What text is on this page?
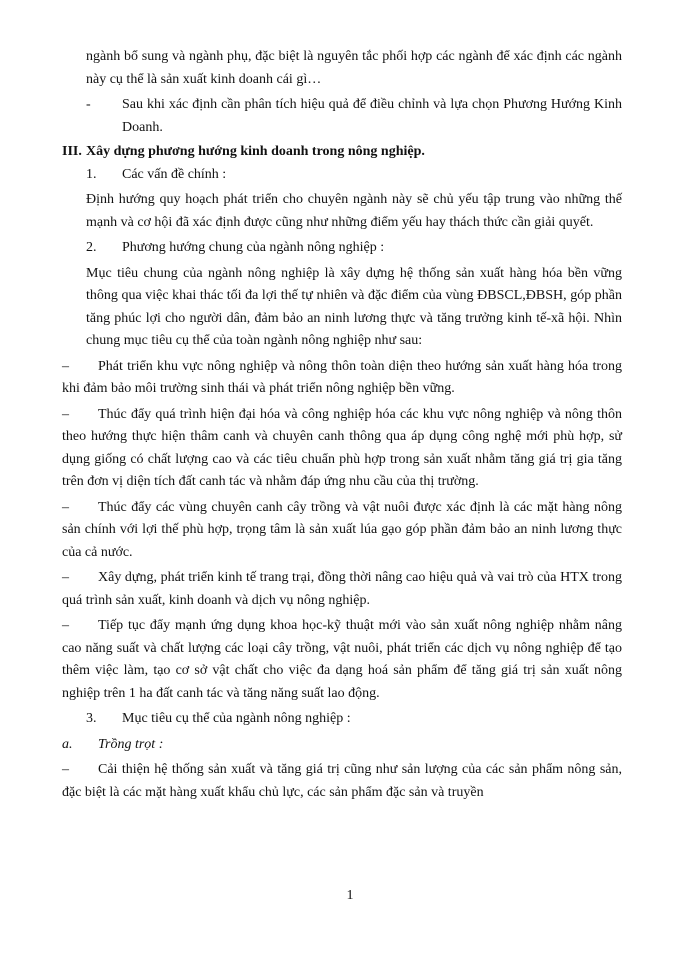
ngành bổ sung và ngành phụ, đặc biệt là nguyên tắc phối hợp các ngành để xác định các ngành này cụ thể là sản xuất kinh doanh cái gì…

- Sau khi xác định cần phân tích hiệu quả để điều chỉnh và lựa chọn Phương Hướng Kinh Doanh.
III. Xây dựng phương hướng kinh doanh trong nông nghiệp.
1. Các vấn đề chính :

Định hướng quy hoạch phát triển cho chuyên ngành này sẽ chủ yếu tập trung vào những thế mạnh và cơ hội đã xác định được cũng như những điểm yếu hay thách thức cần giải quyết.

2. Phương hướng chung của ngành nông nghiệp :

Mục tiêu chung của ngành nông nghiệp là xây dựng hệ thống sản xuất hàng hóa bền vững thông qua việc khai thác tối đa lợi thế tự nhiên và đặc điểm của vùng ĐBSCL,ĐBSH, góp phần tăng phúc lợi cho người dân, đảm bảo an ninh lương thực và tăng trưởng kinh tế-xã hội. Nhìn chung mục tiêu cụ thể của toàn ngành nông nghiệp như sau:

– Phát triển khu vực nông nghiệp và nông thôn toàn diện theo hướng sản xuất hàng hóa trong khi đảm bảo môi trường sinh thái và phát triển nông nghiệp bền vững.
– Thúc đẩy quá trình hiện đại hóa và công nghiệp hóa các khu vực nông nghiệp và nông thôn theo hướng thực hiện thâm canh và chuyên canh thông qua áp dụng công nghệ mới phù hợp, sử dụng giống có chất lượng cao và các tiêu chuẩn phù hợp trong sản xuất nhằm tăng giá trị gia tăng trên đơn vị diện tích đất canh tác và nhằm đáp ứng nhu cầu của thị trường.
– Thúc đẩy các vùng chuyên canh cây trồng và vật nuôi được xác định là các mặt hàng nông sản chính với lợi thế phù hợp, trọng tâm là sản xuất lúa gạo góp phần đảm bảo an ninh lương thực của cả nước.
– Xây dựng, phát triển kinh tế trang trại, đồng thời nâng cao hiệu quả và vai trò của HTX trong quá trình sản xuất, kinh doanh và dịch vụ nông nghiệp.
– Tiếp tục đẩy mạnh ứng dụng khoa học-kỹ thuật mới vào sản xuất nông nghiệp nhằm nâng cao năng suất và chất lượng các loại cây trồng, vật nuôi, phát triển các dịch vụ nông nghiệp để tạo thêm việc làm, tạo cơ sở vật chất cho việc đa dạng hoá sản phẩm để tăng giá trị sản xuất nông nghiệp trên 1 ha đất canh tác và tăng năng suất lao động.
3. Mục tiêu cụ thể của ngành nông nghiệp :
a. Trồng trọt :
– Cải thiện hệ thống sản xuất và tăng giá trị cũng như sản lượng của các sản phẩm nông sản, đặc biệt là các mặt hàng xuất khẩu chủ lực, các sản phẩm đặc sản và truyền
1
